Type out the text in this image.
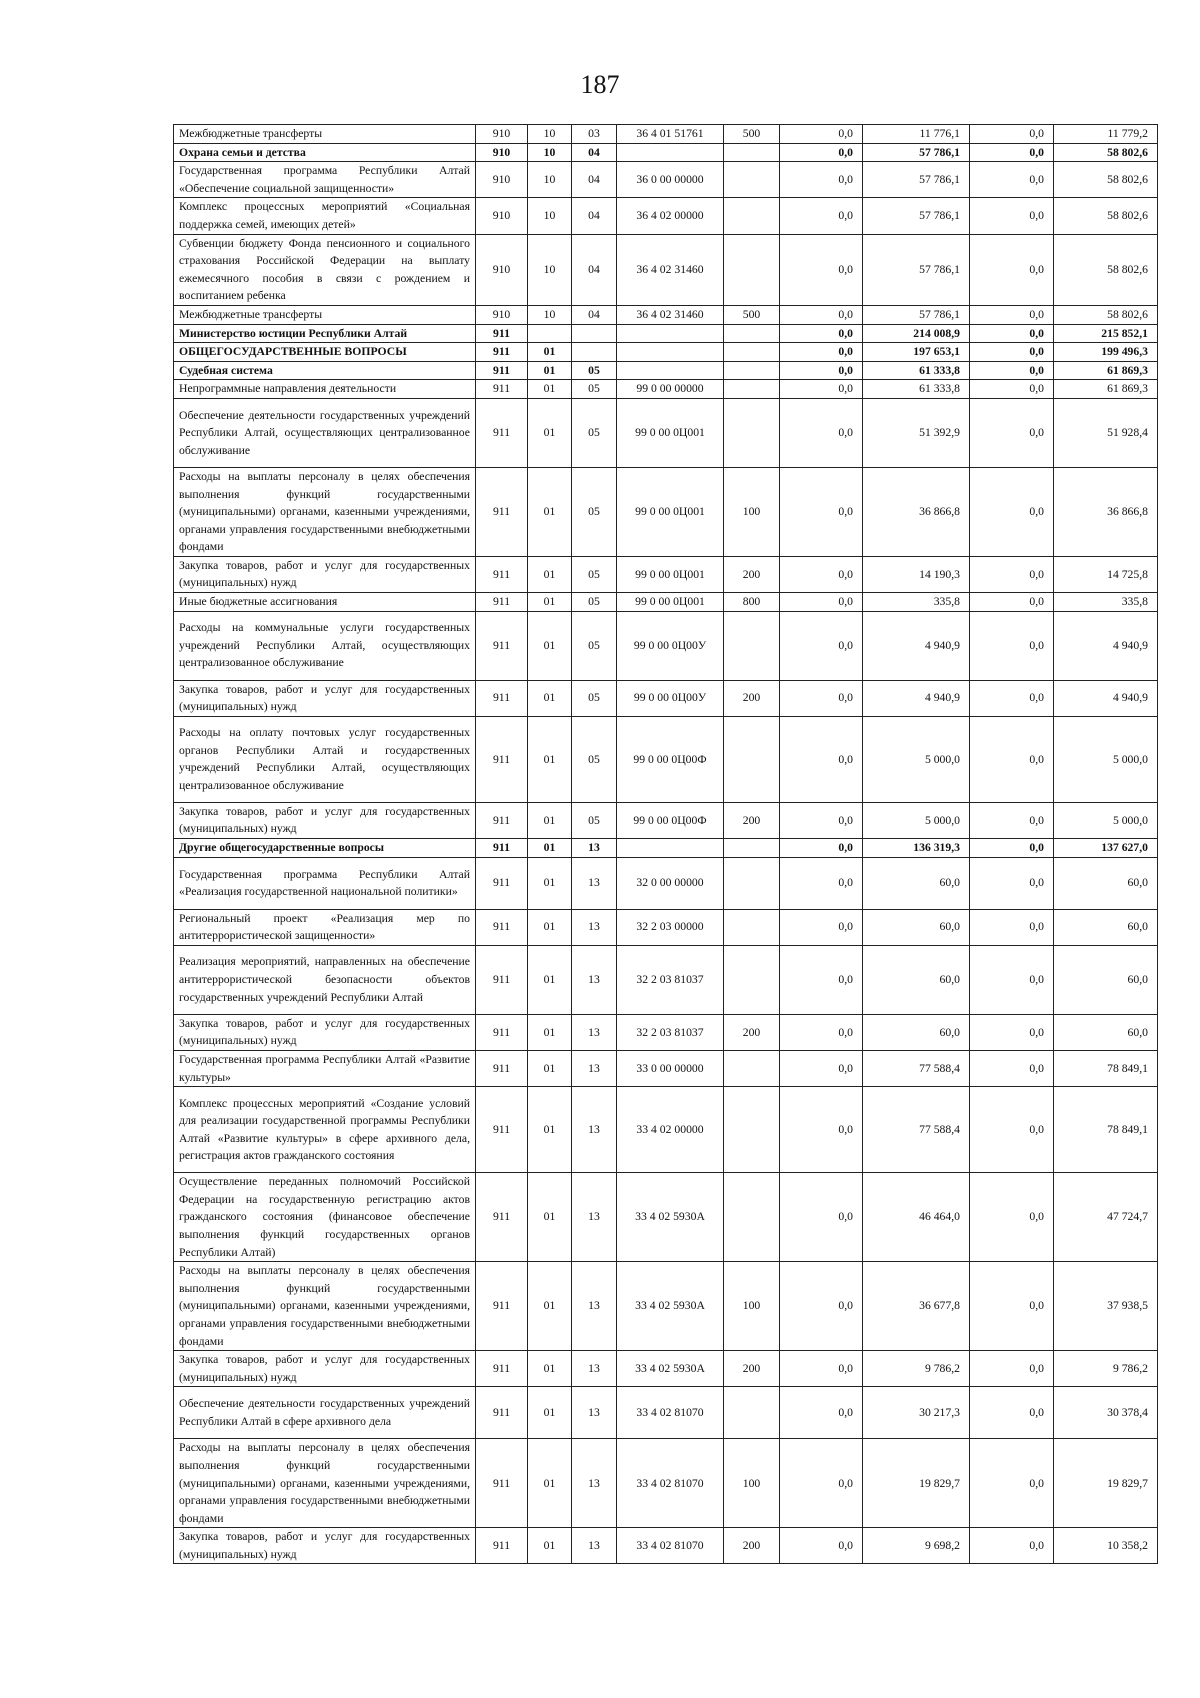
187
Межбюджетные трансферты	910	10	03	36 4 01 51761	500	0,0	11 776,1	0,0	11 779,2
Охрана семьи и детства	910	10	04			0,0	57 786,1	0,0	58 802,6
Государственная программа Республики Алтай «Обеспечение социальной защищенности»	910	10	04	36 0 00 00000		0,0	57 786,1	0,0	58 802,6
Комплекс процессных мероприятий «Социальная поддержка семей, имеющих детей»	910	10	04	36 4 02 00000		0,0	57 786,1	0,0	58 802,6
Субвенции бюджету Фонда пенсионного и социального страхования Российской Федерации на выплату ежемесячного пособия в связи с рождением и воспитанием ребенка	910	10	04	36 4 02 31460		0,0	57 786,1	0,0	58 802,6
Межбюджетные трансферты	910	10	04	36 4 02 31460	500	0,0	57 786,1	0,0	58 802,6
Министерство юстиции Республики Алтай	911					0,0	214 008,9	0,0	215 852,1
ОБЩЕГОСУДАРСТВЕННЫЕ ВОПРОСЫ	911	01				0,0	197 653,1	0,0	199 496,3
Судебная система	911	01	05			0,0	61 333,8	0,0	61 869,3
Непрограммные направления деятельности	911	01	05	99 0 00 00000		0,0	61 333,8	0,0	61 869,3
Обеспечение деятельности государственных учреждений Республики Алтай, осуществляющих централизованное обслуживание	911	01	05	99 0 00 0Ц001		0,0	51 392,9	0,0	51 928,4
Расходы на выплаты персоналу в целях обеспечения выполнения функций государственными (муниципальными) органами, казенными учреждениями, органами управления государственными внебюджетными фондами	911	01	05	99 0 00 0Ц001	100	0,0	36 866,8	0,0	36 866,8
Закупка товаров, работ и услуг для государственных (муниципальных) нужд	911	01	05	99 0 00 0Ц001	200	0,0	14 190,3	0,0	14 725,8
Иные бюджетные ассигнования	911	01	05	99 0 00 0Ц001	800	0,0	335,8	0,0	335,8
Расходы на коммунальные услуги государственных учреждений Республики Алтай, осуществляющих централизованное обслуживание	911	01	05	99 0 00 0Ц00У		0,0	4 940,9	0,0	4 940,9
Закупка товаров, работ и услуг для государственных (муниципальных) нужд	911	01	05	99 0 00 0Ц00У	200	0,0	4 940,9	0,0	4 940,9
Расходы на оплату почтовых услуг государственных органов Республики Алтай и государственных учреждений Республики Алтай, осуществляющих централизованное обслуживание	911	01	05	99 0 00 0Ц00Ф		0,0	5 000,0	0,0	5 000,0
Закупка товаров, работ и услуг для государственных (муниципальных) нужд	911	01	05	99 0 00 0Ц00Ф	200	0,0	5 000,0	0,0	5 000,0
Другие общегосударственные вопросы	911	01	13			0,0	136 319,3	0,0	137 627,0
Государственная программа Республики Алтай «Реализация государственной национальной политики»	911	01	13	32 0 00 00000		0,0	60,0	0,0	60,0
Региональный проект «Реализация мер по антитеррористической защищенности»	911	01	13	32 2 03 00000		0,0	60,0	0,0	60,0
Реализация мероприятий, направленных на обеспечение антитеррористической безопасности объектов государственных учреждений Республики Алтай	911	01	13	32 2 03 81037		0,0	60,0	0,0	60,0
Закупка товаров, работ и услуг для государственных (муниципальных) нужд	911	01	13	32 2 03 81037	200	0,0	60,0	0,0	60,0
Государственная программа Республики Алтай «Развитие культуры»	911	01	13	33 0 00 00000		0,0	77 588,4	0,0	78 849,1
Комплекс процессных мероприятий «Создание условий для реализации государственной программы Республики Алтай «Развитие культуры» в сфере архивного дела, регистрация актов гражданского состояния	911	01	13	33 4 02 00000		0,0	77 588,4	0,0	78 849,1
Осуществление переданных полномочий Российской Федерации на государственную регистрацию актов гражданского состояния (финансовое обеспечение выполнения функций государственных органов Республики Алтай)	911	01	13	33 4 02 5930А		0,0	46 464,0	0,0	47 724,7
Расходы на выплаты персоналу в целях обеспечения выполнения функций государственными (муниципальными) органами, казенными учреждениями, органами управления государственными внебюджетными фондами	911	01	13	33 4 02 5930А	100	0,0	36 677,8	0,0	37 938,5
Закупка товаров, работ и услуг для государственных (муниципальных) нужд	911	01	13	33 4 02 5930А	200	0,0	9 786,2	0,0	9 786,2
Обеспечение деятельности государственных учреждений Республики Алтай в сфере архивного дела	911	01	13	33 4 02 81070		0,0	30 217,3	0,0	30 378,4
Расходы на выплаты персоналу в целях обеспечения выполнения функций государственными (муниципальными) органами, казенными учреждениями, органами управления государственными внебюджетными фондами	911	01	13	33 4 02 81070	100	0,0	19 829,7	0,0	19 829,7
Закупка товаров, работ и услуг для государственных (муниципальных) нужд	911	01	13	33 4 02 81070	200	0,0	9 698,2	0,0	10 358,2
